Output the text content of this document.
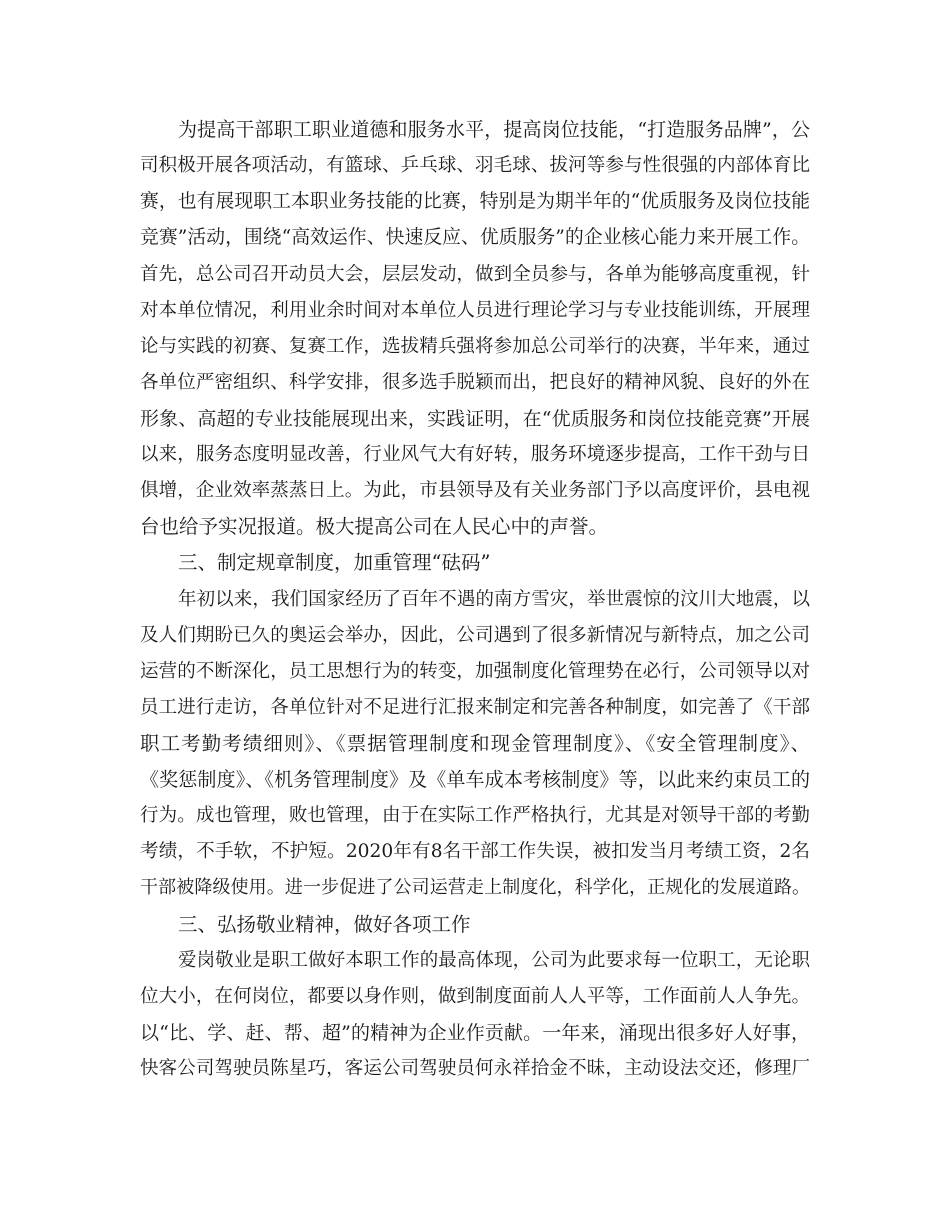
为提高干部职工职业道德和服务水平，提高岗位技能，“打造服务品牌”，公
司积极开展各项活动，有篮球、乒乓球、羽毛球、拔河等参与性很强的内部体育比
赛，也有展现职工本职业务技能的比赛，特别是为期半年的“优质服务及岗位技能
竞赛”活动，围绕“高效运作、快速反应、优质服务”的企业核心能力来开展工作。
首先，总公司召开动员大会，层层发动，做到全员参与，各单为能够高度重视，针
对本单位情况，利用业余时间对本单位人员进行理论学习与专业技能训练，开展理
论与实践的初赛、复赛工作，选拔精兵强将参加总公司举行的决赛，半年来，通过
各单位严密组织、科学安排，很多选手脱颖而出，把良好的精神风貌、良好的外在
形象、高超的专业技能展现出来，实践证明，在“优质服务和岗位技能竞赛”开展
以来，服务态度明显改善，行业风气大有好转，服务环境逐步提高，工作干劲与日
俱增，企业效率蒸蒸日上。为此，市县领导及有关业务部门予以高度评价，县电视
台也给予实况报道。极大提高公司在人民心中的声誉。
三、制定规章制度，加重管理“砝码”
年初以来，我们国家经历了百年不遇的南方雪灾，举世震惊的汶川大地震，以
及人们期盼已久的奥运会举办，因此，公司遇到了很多新情况与新特点，加之公司
运营的不断深化，员工思想行为的转变，加强制度化管理势在必行，公司领导以对
员工进行走访，各单位针对不足进行汇报来制定和完善各种制度，如完善了《干部
职工考勤考绩细则》、《票据管理制度和现金管理制度》、《安全管理制度》、
《奖惩制度》、《机务管理制度》及《单车成本考核制度》等，以此来约束员工的
行为。成也管理，败也管理，由于在实际工作严格执行，尤其是对领导干部的考勤
考绩，不手软，不护短。2020年有8名干部工作失误，被扣发当月考绩工资，2名
干部被降级使用。进一步促进了公司运营走上制度化，科学化，正规化的发展道路。
三、弘扬敬业精神，做好各项工作
爱岗敬业是职工做好本职工作的最高体现，公司为此要求每一位职工，无论职
位大小，在何岗位，都要以身作则，做到制度面前人人平等，工作面前人人争先。
以“比、学、赶、帮、超”的精神为企业作贡献。一年来，涌现出很多好人好事，
快客公司驾驶员陈星巧，客运公司驾驶员何永祥拾金不昧，主动设法交还，修理厂
